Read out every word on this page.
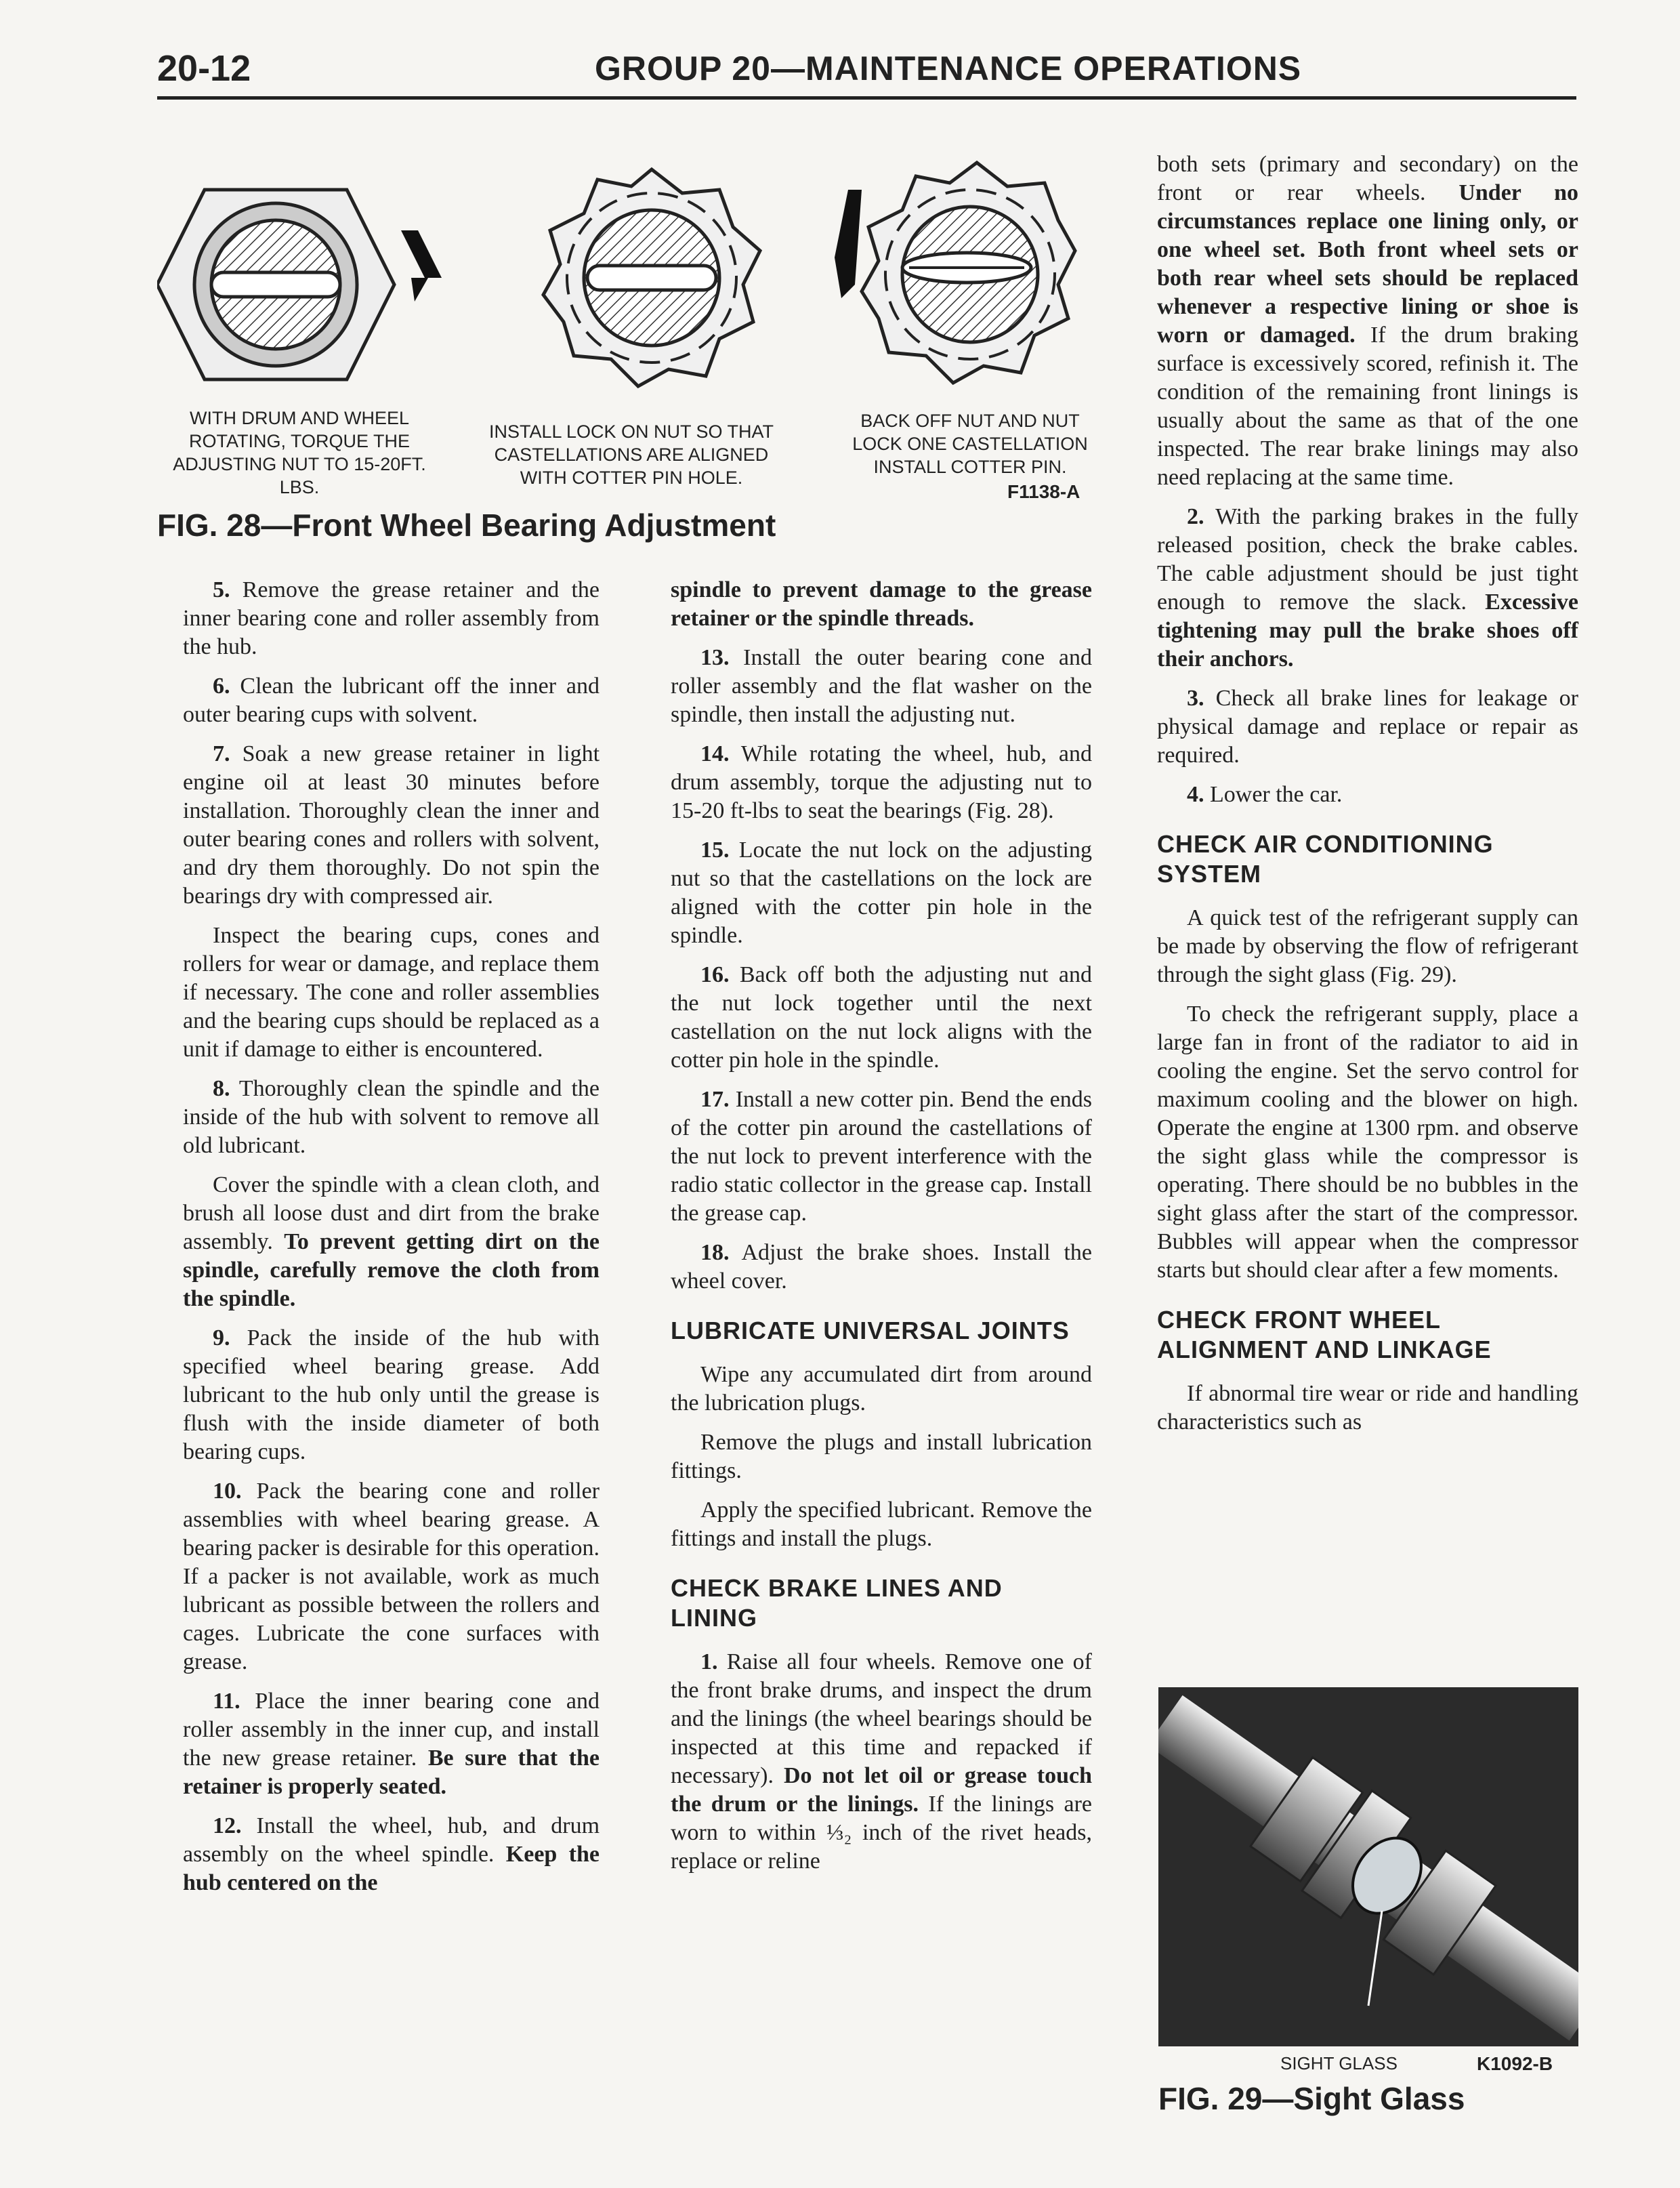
20-12	GROUP 20—MAINTENANCE OPERATIONS
WITH DRUM AND WHEEL ROTATING, TORQUE THE ADJUSTING NUT TO 15-20FT. LBS.
INSTALL LOCK ON NUT SO THAT CASTELLATIONS ARE ALIGNED WITH COTTER PIN HOLE.
BACK OFF NUT AND NUT LOCK ONE CASTELLATION INSTALL COTTER PIN.
F1138-A
FIG. 28—Front Wheel Bearing Adjustment

5. Remove the grease retainer and the inner bearing cone and roller assembly from the hub.

6. Clean the lubricant off the inner and outer bearing cups with solvent.

7. Soak a new grease retainer in light engine oil at least 30 minutes before installation. Thoroughly clean the inner and outer bearing cones and rollers with solvent, and dry them thoroughly. Do not spin the bearings dry with compressed air.

Inspect the bearing cups, cones and rollers for wear or damage, and replace them if necessary. The cone and roller assemblies and the bearing cups should be replaced as a unit if damage to either is encountered.

8. Thoroughly clean the spindle and the inside of the hub with solvent to remove all old lubricant.

Cover the spindle with a clean cloth, and brush all loose dust and dirt from the brake assembly. To prevent getting dirt on the spindle, carefully remove the cloth from the spindle.

9. Pack the inside of the hub with specified wheel bearing grease. Add lubricant to the hub only until the grease is flush with the inside diameter of both bearing cups.

10. Pack the bearing cone and roller assemblies with wheel bearing grease. A bearing packer is desirable for this operation. If a packer is not available, work as much lubricant as possible between the rollers and cages. Lubricate the cone surfaces with grease.

11. Place the inner bearing cone and roller assembly in the inner cup, and install the new grease retainer. Be sure that the retainer is properly seated.

12. Install the wheel, hub, and drum assembly on the wheel spindle. Keep the hub centered on the

spindle to prevent damage to the grease retainer or the spindle threads.

13. Install the outer bearing cone and roller assembly and the flat washer on the spindle, then install the adjusting nut.

14. While rotating the wheel, hub, and drum assembly, torque the adjusting nut to 15-20 ft-lbs to seat the bearings (Fig. 28).

15. Locate the nut lock on the adjusting nut so that the castellations on the lock are aligned with the cotter pin hole in the spindle.

16. Back off both the adjusting nut and the nut lock together until the next castellation on the nut lock aligns with the cotter pin hole in the spindle.

17. Install a new cotter pin. Bend the ends of the cotter pin around the castellations of the nut lock to prevent interference with the radio static collector in the grease cap. Install the grease cap.

18. Adjust the brake shoes. Install the wheel cover.

LUBRICATE UNIVERSAL JOINTS

Wipe any accumulated dirt from around the lubrication plugs.

Remove the plugs and install lubrication fittings.

Apply the specified lubricant. Remove the fittings and install the plugs.

CHECK BRAKE LINES AND LINING

1. Raise all four wheels. Remove one of the front brake drums, and inspect the drum and the linings (the wheel bearings should be inspected at this time and repacked if necessary). Do not let oil or grease touch the drum or the linings. If the linings are worn to within ⅓₂ inch of the rivet heads, replace or reline

both sets (primary and secondary) on the front or rear wheels. Under no circumstances replace one lining only, or one wheel set. Both front wheel sets or both rear wheel sets should be replaced whenever a respective lining or shoe is worn or damaged. If the drum braking surface is excessively scored, refinish it. The condition of the remaining front linings is usually about the same as that of the one inspected. The rear brake linings may also need replacing at the same time.

2. With the parking brakes in the fully released position, check the brake cables. The cable adjustment should be just tight enough to remove the slack. Excessive tightening may pull the brake shoes off their anchors.

3. Check all brake lines for leakage or physical damage and replace or repair as required.

4. Lower the car.

CHECK AIR CONDITIONING SYSTEM

A quick test of the refrigerant supply can be made by observing the flow of refrigerant through the sight glass (Fig. 29).

To check the refrigerant supply, place a large fan in front of the radiator to aid in cooling the engine. Set the servo control for maximum cooling and the blower on high. Operate the engine at 1300 rpm. and observe the sight glass while the compressor is operating. There should be no bubbles in the sight glass after the start of the compressor. Bubbles will appear when the compressor starts but should clear after a few moments.

CHECK FRONT WHEEL ALIGNMENT AND LINKAGE

If abnormal tire wear or ride and handling characteristics such as

SIGHT GLASS	K1092-B
FIG. 29—Sight Glass
